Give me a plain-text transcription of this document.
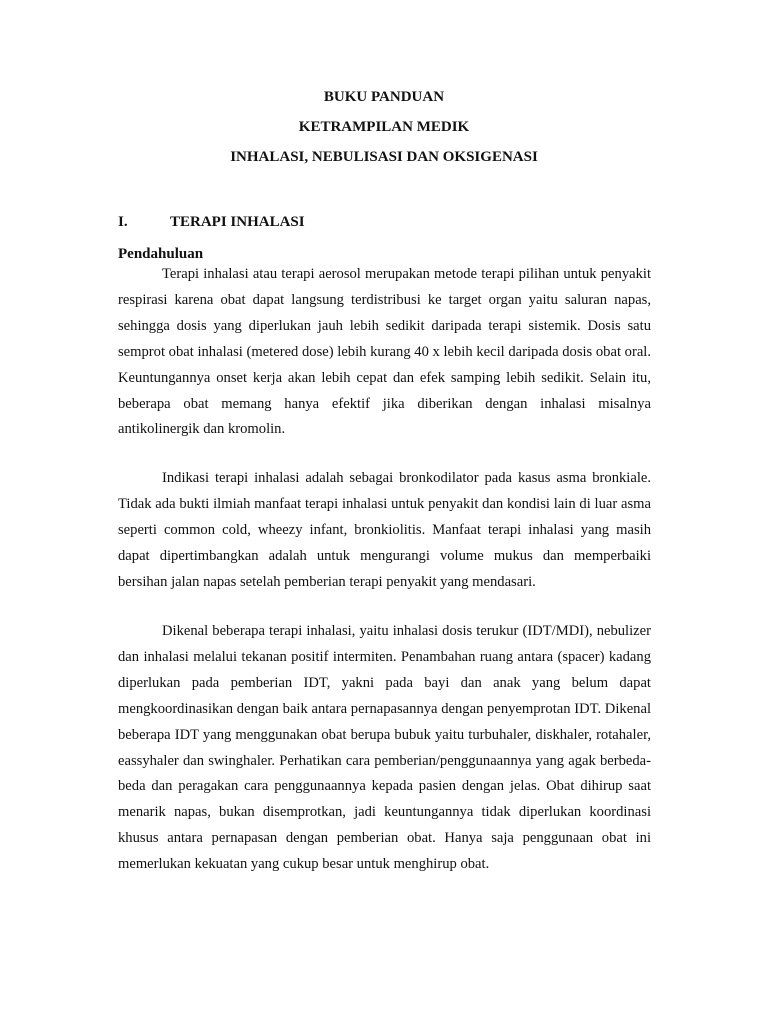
BUKU PANDUAN
KETRAMPILAN MEDIK
INHALASI, NEBULISASI DAN OKSIGENASI
I.	TERAPI INHALASI
Pendahuluan

Terapi inhalasi atau terapi aerosol merupakan metode terapi pilihan untuk penyakit respirasi karena obat dapat langsung terdistribusi ke target organ yaitu saluran napas, sehingga dosis yang diperlukan jauh lebih sedikit daripada terapi sistemik. Dosis satu semprot obat inhalasi (metered dose) lebih kurang 40 x lebih kecil daripada dosis obat oral. Keuntungannya onset kerja akan lebih cepat dan efek samping lebih sedikit. Selain itu, beberapa obat memang hanya efektif jika diberikan dengan inhalasi misalnya antikolinergik dan kromolin.

Indikasi terapi inhalasi adalah sebagai bronkodilator pada kasus asma bronkiale. Tidak ada bukti ilmiah manfaat terapi inhalasi untuk penyakit dan kondisi lain di luar asma seperti common cold, wheezy infant, bronkiolitis. Manfaat terapi inhalasi yang masih dapat dipertimbangkan adalah untuk mengurangi volume mukus dan memperbaiki bersihan jalan napas setelah pemberian terapi penyakit yang mendasari.

Dikenal beberapa terapi inhalasi, yaitu inhalasi dosis terukur (IDT/MDI), nebulizer dan inhalasi melalui tekanan positif intermiten. Penambahan ruang antara (spacer) kadang diperlukan pada pemberian IDT, yakni pada bayi dan anak yang belum dapat mengkoordinasikan dengan baik antara pernapasannya dengan penyemprotan IDT. Dikenal beberapa IDT yang menggunakan obat berupa bubuk yaitu turbuhaler, diskhaler, rotahaler, eassyhaler dan swinghaler. Perhatikan cara pemberian/penggunaannya yang agak berbeda-beda dan peragakan cara penggunaannya kepada pasien dengan jelas. Obat dihirup saat menarik napas, bukan disemprotkan, jadi keuntungannya tidak diperlukan koordinasi khusus antara pernapasan dengan pemberian obat. Hanya saja penggunaan obat ini memerlukan kekuatan yang cukup besar untuk menghirup obat.
